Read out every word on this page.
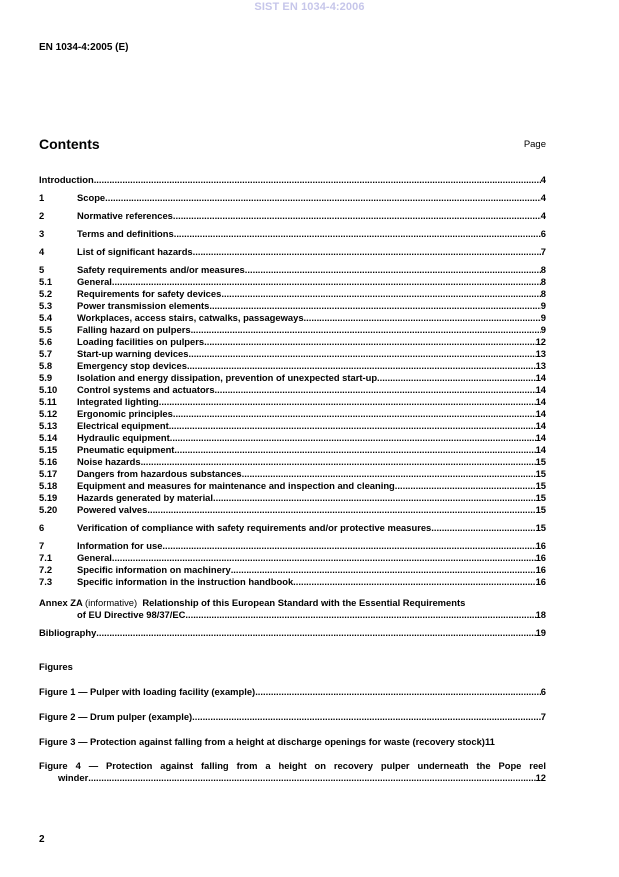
SIST EN 1034-4:2006
EN 1034-4:2005 (E)
Contents	Page
Introduction .....	4
1	Scope .....	4
2	Normative references .....	4
3	Terms and definitions .....	6
4	List of significant hazards .....	7
5	Safety requirements and/or measures .....	8
5.1	General .....	8
5.2	Requirements for safety devices .....	8
5.3	Power transmission elements .....	9
5.4	Workplaces, access stairs, catwalks, passageways .....	9
5.5	Falling hazard on pulpers .....	9
5.6	Loading facilities on pulpers .....	12
5.7	Start-up warning devices .....	13
5.8	Emergency stop devices .....	13
5.9	Isolation and energy dissipation, prevention of unexpected start-up .....	14
5.10	Control systems and actuators .....	14
5.11	Integrated lighting .....	14
5.12	Ergonomic principles .....	14
5.13	Electrical equipment .....	14
5.14	Hydraulic equipment .....	14
5.15	Pneumatic equipment .....	14
5.16	Noise hazards .....	15
5.17	Dangers from hazardous substances .....	15
5.18	Equipment and measures for maintenance and inspection and cleaning .....	15
5.19	Hazards generated by material .....	15
5.20	Powered valves .....	15
6	Verification of compliance with safety requirements and/or protective measures .....	15
7	Information for use .....	16
7.1	General .....	16
7.2	Specific information on machinery .....	16
7.3	Specific information in the instruction handbook .....	16
Annex ZA (informative) Relationship of this European Standard with the Essential Requirements
of EU Directive 98/37/EC .....	18
Bibliography .....	19
Figures
Figure 1 — Pulper with loading facility (example) .....	6
Figure 2 — Drum pulper (example) .....	7
Figure 3 — Protection against falling from a height at discharge openings for waste (recovery stock) 11
Figure 4 — Protection against falling from a height on recovery pulper underneath the Pope reel
winder .....	12
2
